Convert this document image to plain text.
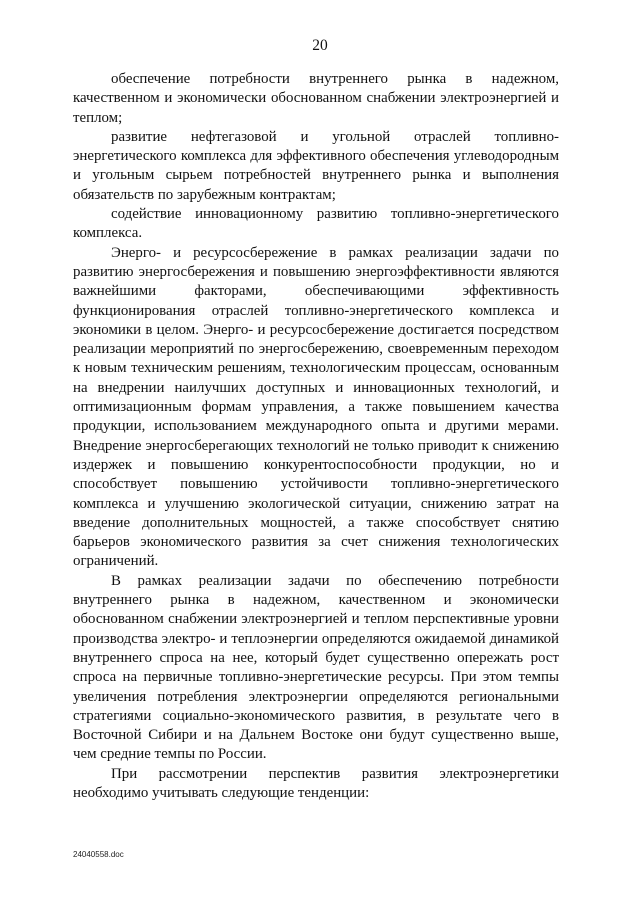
20

обеспечение потребности внутреннего рынка в надежном, качественном и экономически обоснованном снабжении электроэнергией и теплом;

развитие нефтегазовой и угольной отраслей топливно-энергетического комплекса для эффективного обеспечения углеводородным и угольным сырьем потребностей внутреннего рынка и выполнения обязательств по зарубежным контрактам;

содействие инновационному развитию топливно-энергетического комплекса.

Энерго- и ресурсосбережение в рамках реализации задачи по развитию энергосбережения и повышению энергоэффективности являются важнейшими факторами, обеспечивающими эффективность функционирования отраслей топливно-энергетического комплекса и экономики в целом. Энерго- и ресурсосбережение достигается посредством реализации мероприятий по энергосбережению, своевременным переходом к новым техническим решениям, технологическим процессам, основанным на внедрении наилучших доступных и инновационных технологий, и оптимизационным формам управления, а также повышением качества продукции, использованием международного опыта и другими мерами. Внедрение энергосберегающих технологий не только приводит к снижению издержек и повышению конкурентоспособности продукции, но и способствует повышению устойчивости топливно-энергетического комплекса и улучшению экологической ситуации, снижению затрат на введение дополнительных мощностей, а также способствует снятию барьеров экономического развития за счет снижения технологических ограничений.

В рамках реализации задачи по обеспечению потребности внутреннего рынка в надежном, качественном и экономически обоснованном снабжении электроэнергией и теплом перспективные уровни производства электро- и теплоэнергии определяются ожидаемой динамикой внутреннего спроса на нее, который будет существенно опережать рост спроса на первичные топливно-энергетические ресурсы. При этом темпы увеличения потребления электроэнергии определяются региональными стратегиями социально-экономического развития, в результате чего в Восточной Сибири и на Дальнем Востоке они будут существенно выше, чем средние темпы по России.

При рассмотрении перспектив развития электроэнергетики необходимо учитывать следующие тенденции:

24040558.doc
